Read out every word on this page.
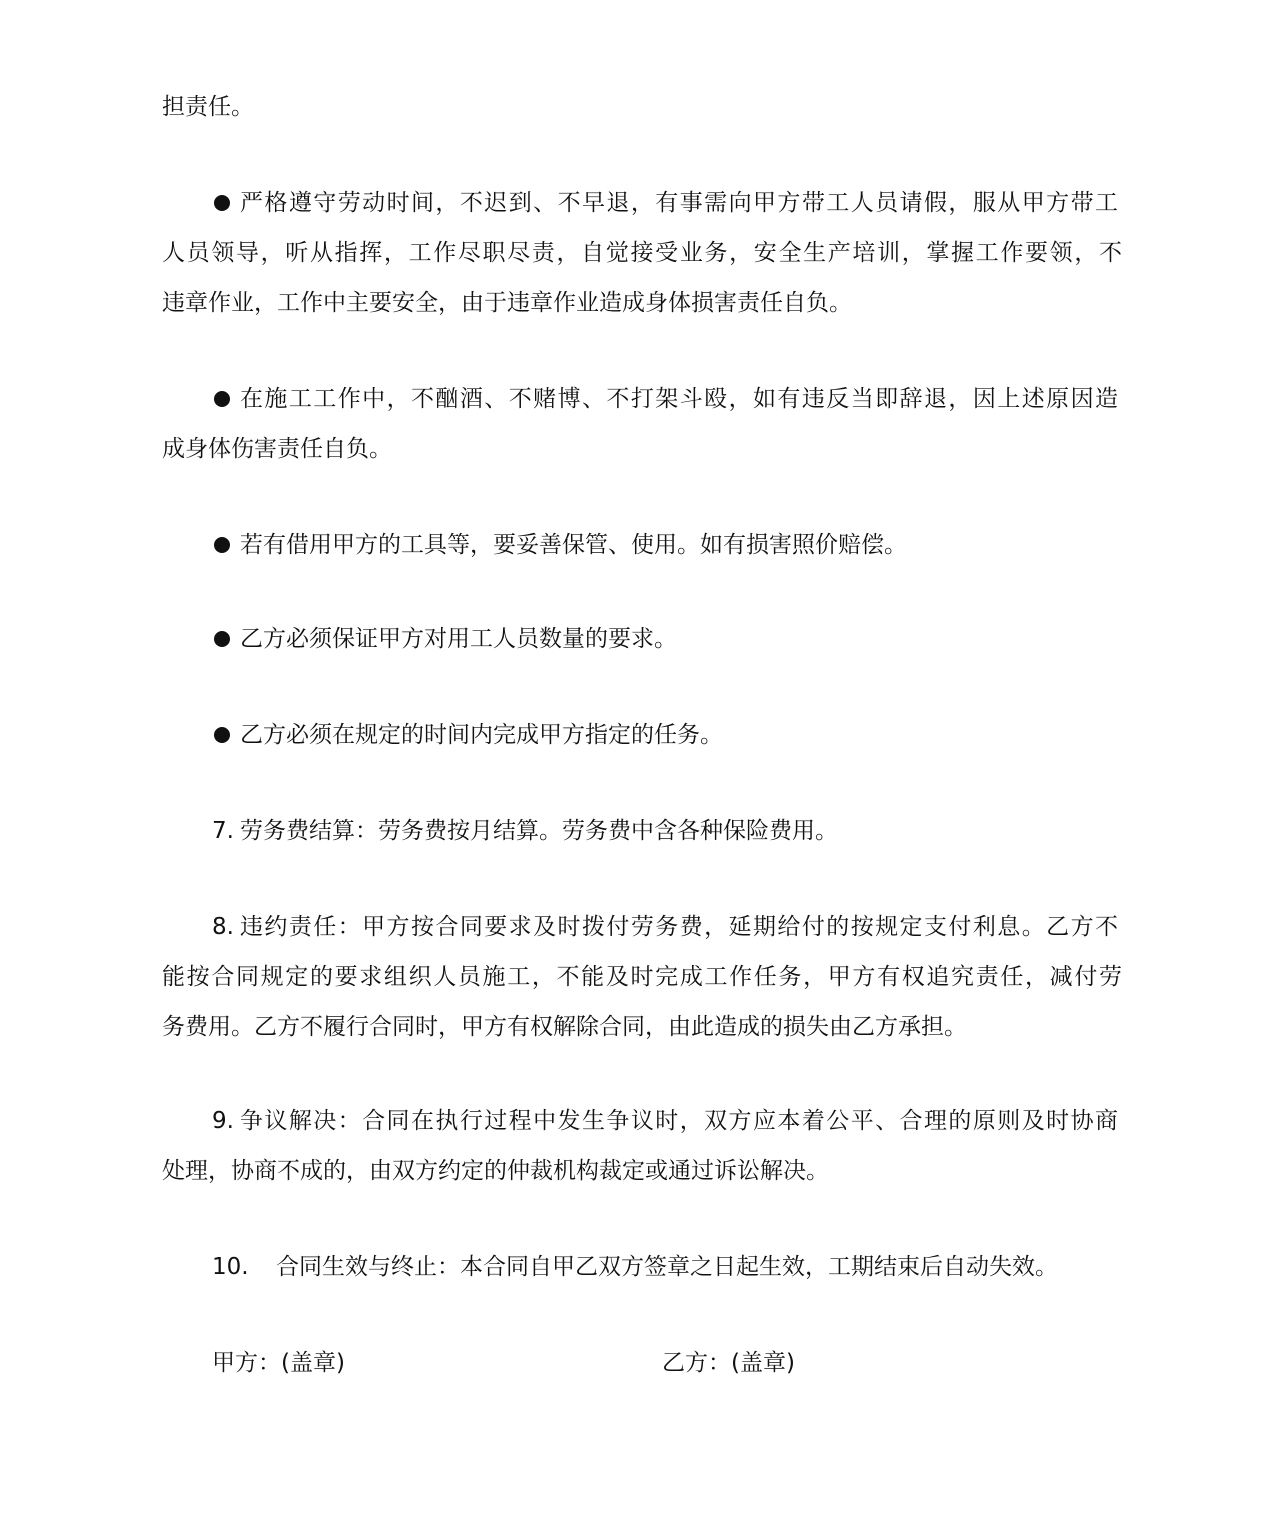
担责任。
严格遵守劳动时间，不迟到、不早退，有事需向甲方带工人员请假，服从甲方带工
人员领导，听从指挥，工作尽职尽责，自觉接受业务，安全生产培训，掌握工作要领，不
违章作业，工作中主要安全，由于违章作业造成身体损害责任自负。
在施工工作中，不酗酒、不赌博、不打架斗殴，如有违反当即辞退，因上述原因造
成身体伤害责任自负。
若有借用甲方的工具等，要妥善保管、使用。如有损害照价赔偿。
乙方必须保证甲方对用工人员数量的要求。
乙方必须在规定的时间内完成甲方指定的任务。
7. 劳务费结算：劳务费按月结算。劳务费中含各种保险费用。
8. 违约责任：甲方按合同要求及时拨付劳务费，延期给付的按规定支付利息。乙方不
能按合同规定的要求组织人员施工，不能及时完成工作任务，甲方有权追究责任，减付劳
务费用。乙方不履行合同时，甲方有权解除合同，由此造成的损失由乙方承担。
9. 争议解决：合同在执行过程中发生争议时，双方应本着公平、合理的原则及时协商
处理，协商不成的，由双方约定的仲裁机构裁定或通过诉讼解决。
10.	合同生效与终止：本合同自甲乙双方签章之日起生效，工期结束后自动失效。
甲方：(盖章)	乙方：(盖章)
